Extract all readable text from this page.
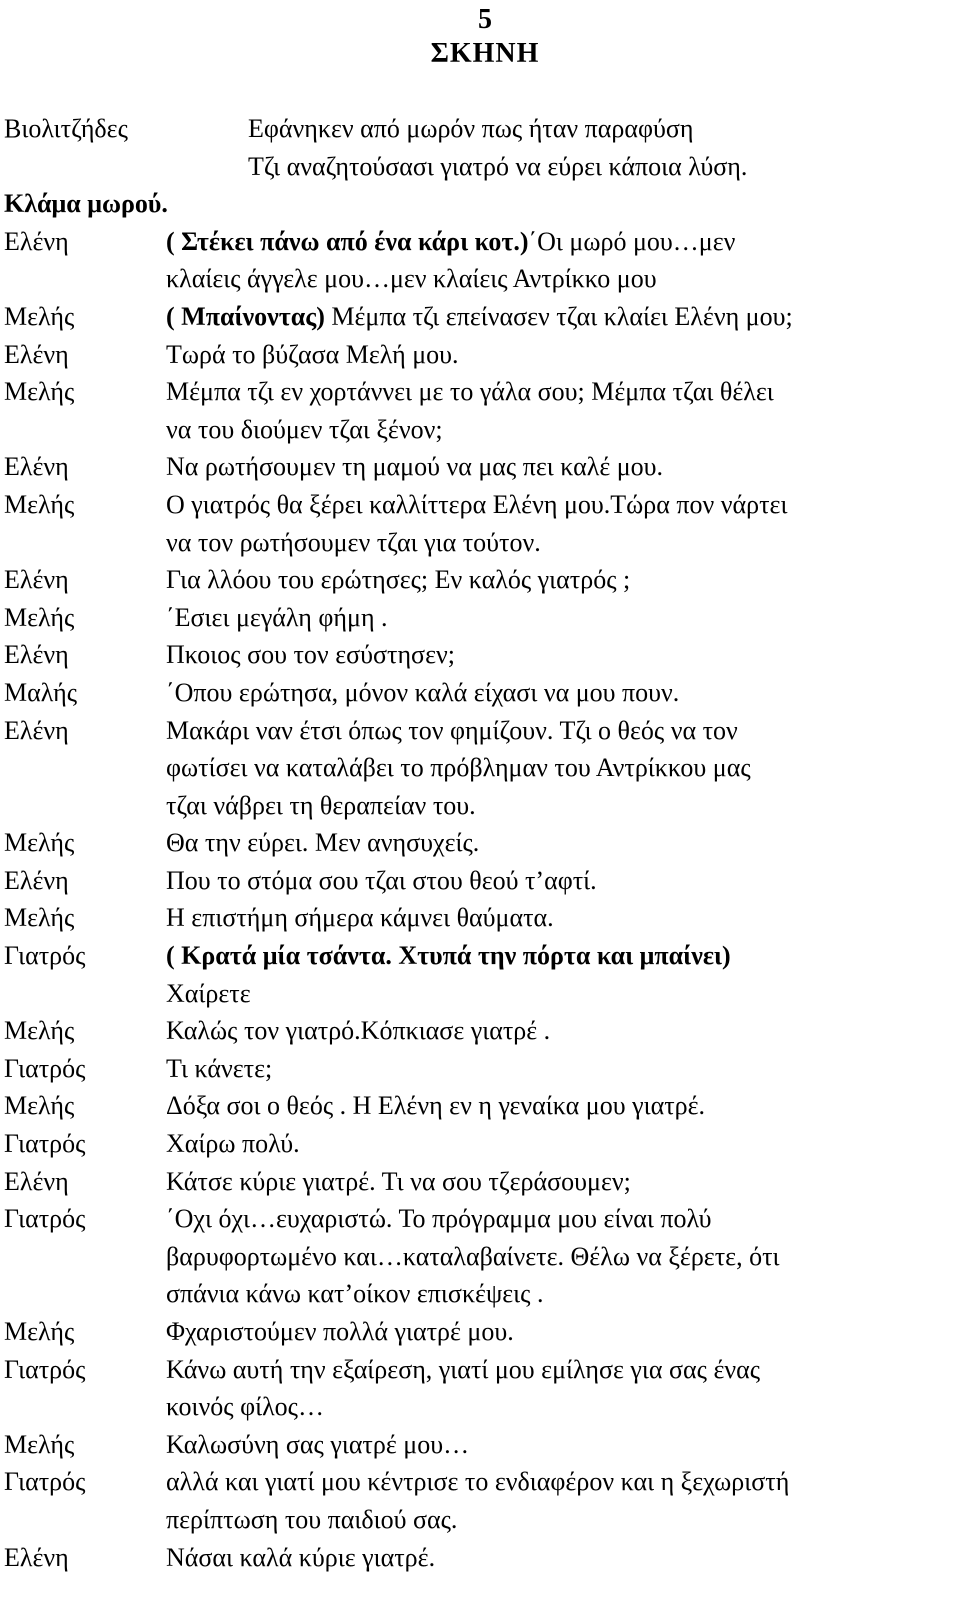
5
ΣΚΗΝΗ
Βιολιτζήδες	Εφάνηκεν από μωρόν πως ήταν παραφύση
Τζι αναζητούσασι γιατρό να εύρει κάποια λύση.
Κλάμα μωρού.
Ελένη	( Στέκει πάνω από ένα κάρι κοτ.)΄Οι μωρό μου…μεν
κλαίεις άγγελε μου…μεν κλαίεις Αντρίκκο μου
Μελής	( Μπαίνοντας) Μέμπα τζι επείνασεν τζαι κλαίει Ελένη μου;
Ελένη	Τωρά το βύζασα Μελή μου.
Μελής	Μέμπα τζι εν χορτάννει με το γάλα σου; Μέμπα τζαι θέλει
να του διούμεν τζαι ξένον;
Ελένη	Να ρωτήσουμεν τη μαμού να μας πει καλέ μου.
Μελής	Ο γιατρός θα ξέρει καλλίττερα Ελένη μου.Τώρα πον νάρτει
να τον ρωτήσουμεν τζαι για τούτον.
Ελένη	Για λλόου του ερώτησες; Εν καλός γιατρός ;
Μελής	΄Εσιει μεγάλη φήμη .
Ελένη	Πκοιος σου τον εσύστησεν;
Μαλής	΄Οπου ερώτησα, μόνον καλά είχασι να μου πουν.
Ελένη	Μακάρι ναν έτσι όπως τον φημίζουν. Τζι ο θεός να τον
φωτίσει να καταλάβει το πρόβλημαν του Αντρίκκου μας
τζαι νάβρει τη θεραπείαν του.
Μελής	Θα την εύρει. Μεν ανησυχείς.
Ελένη	Που το στόμα σου τζαι στου θεού τ’αφτί.
Μελής	Η επιστήμη σήμερα κάμνει θαύματα.
Γιατρός	( Κρατά μία τσάντα. Χτυπά την πόρτα και μπαίνει)
Χαίρετε
Μελής	Καλώς τον γιατρό.Κόπκιασε γιατρέ .
Γιατρός	Τι κάνετε;
Μελής	Δόξα σοι ο θεός . Η Ελένη εν η γεναίκα μου γιατρέ.
Γιατρός	Χαίρω πολύ.
Ελένη	Κάτσε κύριε γιατρέ. Τι να σου τζεράσουμεν;
Γιατρός	΄Οχι όχι…ευχαριστώ. Το πρόγραμμα μου είναι πολύ
βαρυφορτωμένο και…καταλαβαίνετε. Θέλω να ξέρετε, ότι
σπάνια κάνω κατ’οίκον επισκέψεις .
Μελής	Φχαριστούμεν πολλά γιατρέ μου.
Γιατρός	Κάνω αυτή την εξαίρεση, γιατί μου εμίλησε για σας ένας
κοινός φίλος…
Μελής	Καλωσύνη σας γιατρέ μου…
Γιατρός	αλλά και γιατί μου κέντρισε το ενδιαφέρον και η ξεχωριστή
περίπτωση του παιδιού σας.
Ελένη	Νάσαι καλά κύριε γιατρέ.
